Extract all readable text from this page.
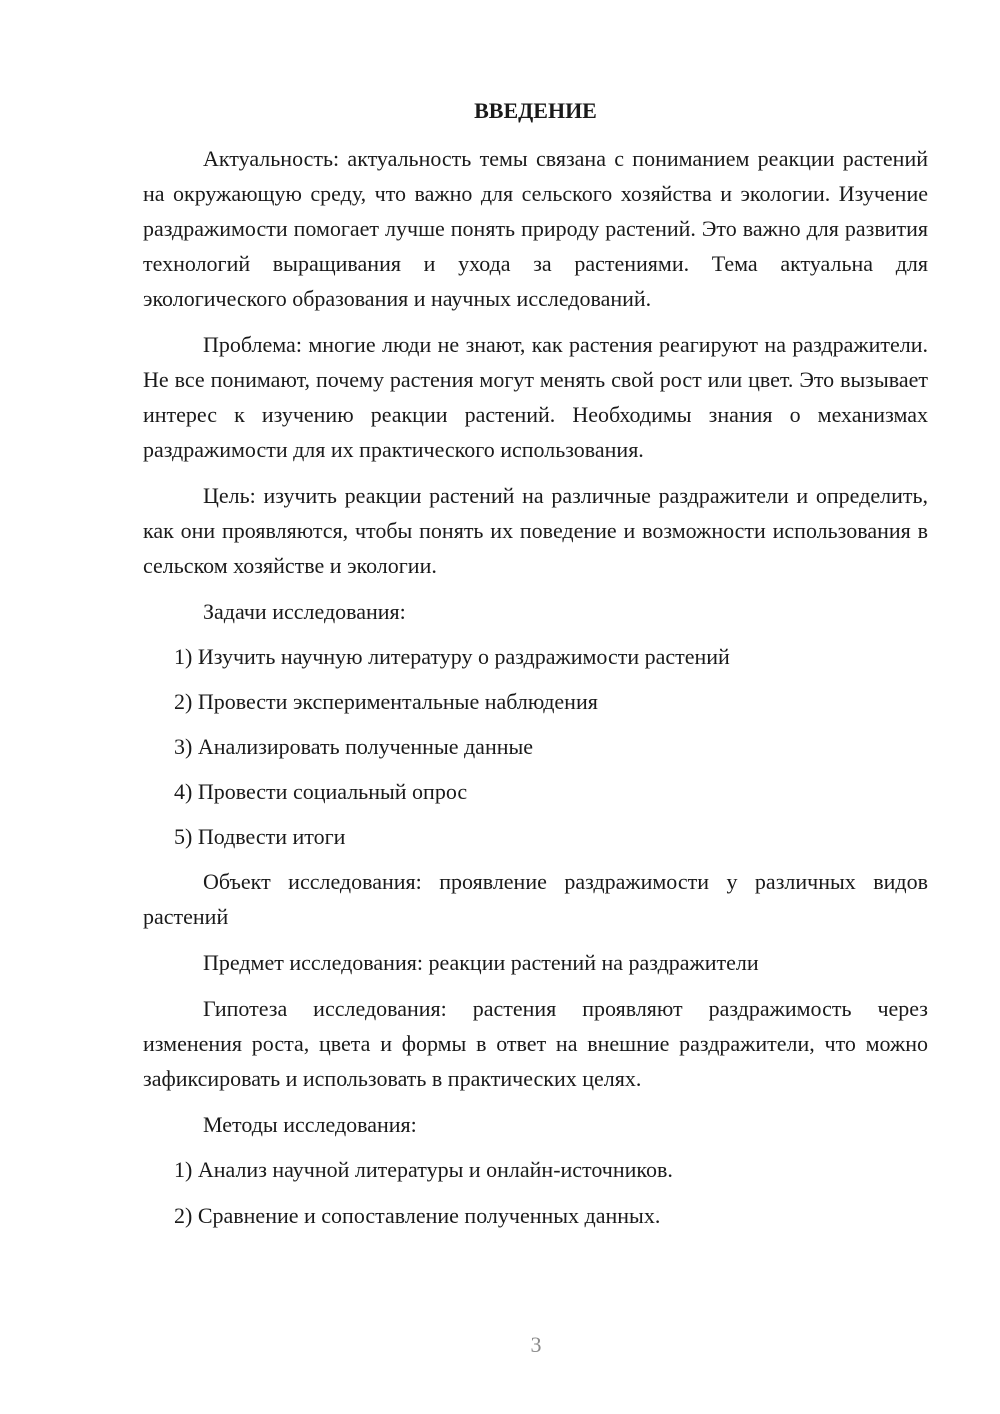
ВВЕДЕНИЕ

Актуальность: актуальность темы связана с пониманием реакции растений на окружающую среду, что важно для сельского хозяйства и экологии. Изучение раздражимости помогает лучше понять природу растений. Это важно для развития технологий выращивания и ухода за растениями. Тема актуальна для экологического образования и научных исследований.

Проблема: многие люди не знают, как растения реагируют на раздражители. Не все понимают, почему растения могут менять свой рост или цвет. Это вызывает интерес к изучению реакции растений. Необходимы знания о механизмах раздражимости для их практического использования.

Цель: изучить реакции растений на различные раздражители и определить, как они проявляются, чтобы понять их поведение и возможности использования в сельском хозяйстве и экологии.

Задачи исследования:

1) Изучить научную литературу о раздражимости растений
2) Провести экспериментальные наблюдения
3) Анализировать полученные данные
4) Провести социальный опрос
5) Подвести итоги

Объект исследования: проявление раздражимости у различных видов растений

Предмет исследования: реакции растений на раздражители

Гипотеза исследования: растения проявляют раздражимость через изменения роста, цвета и формы в ответ на внешние раздражители, что можно зафиксировать и использовать в практических целях.

Методы исследования:

1) Анализ научной литературы и онлайн-источников.
2) Сравнение и сопоставление полученных данных.
3
